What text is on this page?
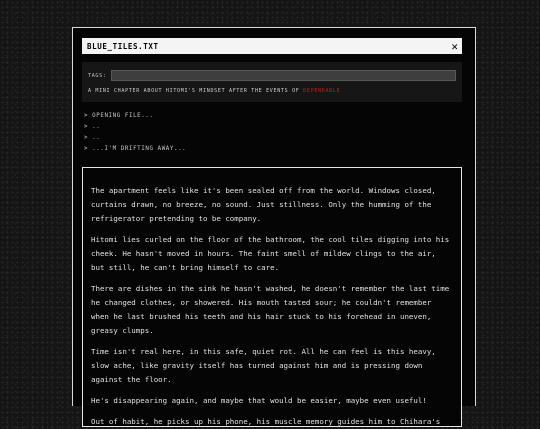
BLUE_TILES.TXT	✕
TAGS:
A MINI CHAPTER ABOUT HITOMI'S MINDSET AFTER THE EVENTS OF DEPENDABLE
> OPENING FILE...
> ..
> ..
> ...I'M DRIFTING AWAY...

The apartment feels like it's been sealed off from the world. Windows closed, curtains drawn, no breeze, no sound. Just stillness. Only the humming of the refrigerator pretending to be company.

Hitomi lies curled on the floor of the bathroom, the cool tiles digging into his cheek. He hasn't moved in hours. The faint smell of mildew clings to the air, but still, he can't bring himself to care.

There are dishes in the sink he hasn't washed, he doesn't remember the last time he changed clothes, or showered. His mouth tasted sour; he couldn't remember when he last brushed his teeth and his hair stuck to his forehead in uneven, greasy clumps.

Time isn't real here, in this safe, quiet rot. All he can feel is this heavy, slow ache, like gravity itself has turned against him and is pressing down against the floor.

He's disappearing again, and maybe that would be easier, maybe even useful!

Out of habit, he picks up his phone, his muscle memory guides him to Chihara's
